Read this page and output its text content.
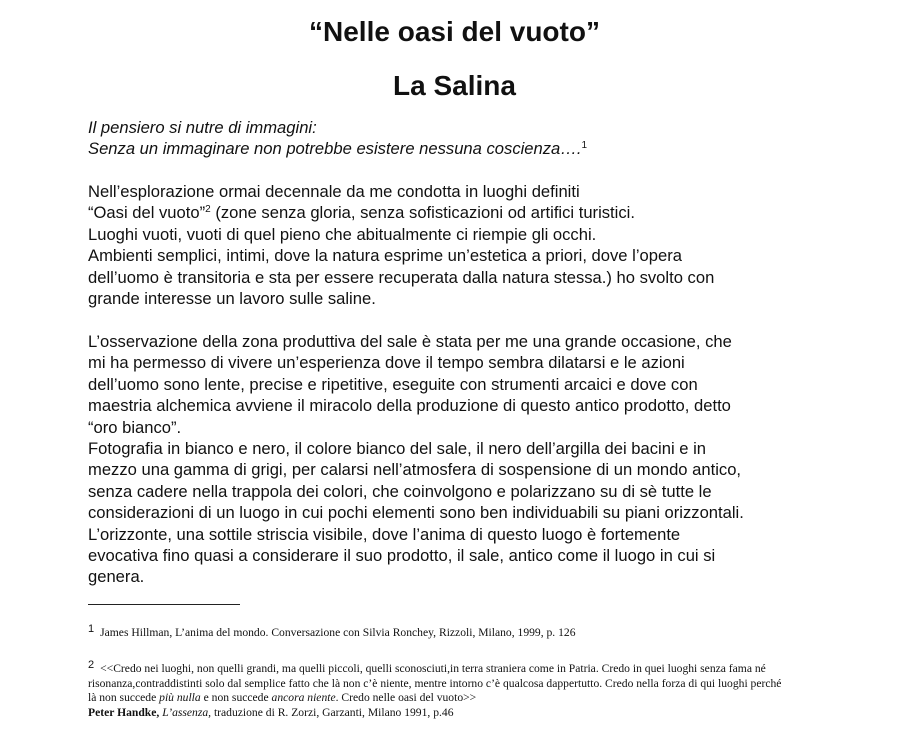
“Nelle oasi del vuoto”
La Salina

Il pensiero si nutre di immagini:

Senza un immaginare non potrebbe esistere nessuna coscienza….$^1$

Nell’esplorazione ormai decennale da me condotta in luoghi definiti

“Oasi del vuoto”$^2$ (zone senza gloria, senza sofisticazioni od artifici turistici.

Luoghi vuoti, vuoti di quel pieno che abitualmente ci riempie gli occhi.

Ambienti semplici, intimi, dove la natura esprime un’estetica a priori, dove l’opera

dell’uomo è transitoria e sta per essere recuperata dalla natura stessa.) ho svolto con

grande interesse un lavoro sulle saline.

L’osservazione della zona produttiva del sale è stata per me una grande occasione, che

mi ha permesso di vivere un’esperienza dove il tempo sembra dilatarsi e le azioni

dell’uomo sono lente, precise e ripetitive, eseguite con strumenti arcaici e dove con

maestria alchemica avviene il miracolo della produzione di questo antico prodotto, detto

“oro bianco”.

Fotografia in bianco e nero, il colore bianco del sale, il nero dell’argilla dei bacini e in

mezzo una gamma di grigi, per calarsi nell’atmosfera di sospensione di un mondo antico,

senza cadere nella trappola dei colori, che coinvolgono e polarizzano su di sè tutte le

considerazioni di un luogo in cui pochi elementi sono ben individuabili su piani orizzontali.

L’orizzonte, una sottile striscia visibile, dove l’anima di questo luogo è fortemente

evocativa fino quasi a considerare il suo prodotto, il sale, antico come il luogo in cui si

genera.

1 James Hillman, L’anima del mondo. Conversazione con Silvia Ronchey, Rizzoli, Milano, 1999, p. 126

2 <<Credo nei luoghi, non quelli grandi, ma quelli piccoli, quelli sconosciuti,in terra straniera come in Patria. Credo in quei luoghi senza fama né

risonanza,contraddistinti solo dal semplice fatto che là non c’è niente, mentre intorno c’è qualcosa dappertutto. Credo nella forza di qui luoghi perché

là non succede più nulla e non succede ancora niente. Credo nelle oasi del vuoto>>

Peter Handke, L’assenza, traduzione di R. Zorzi, Garzanti, Milano 1991, p.46
